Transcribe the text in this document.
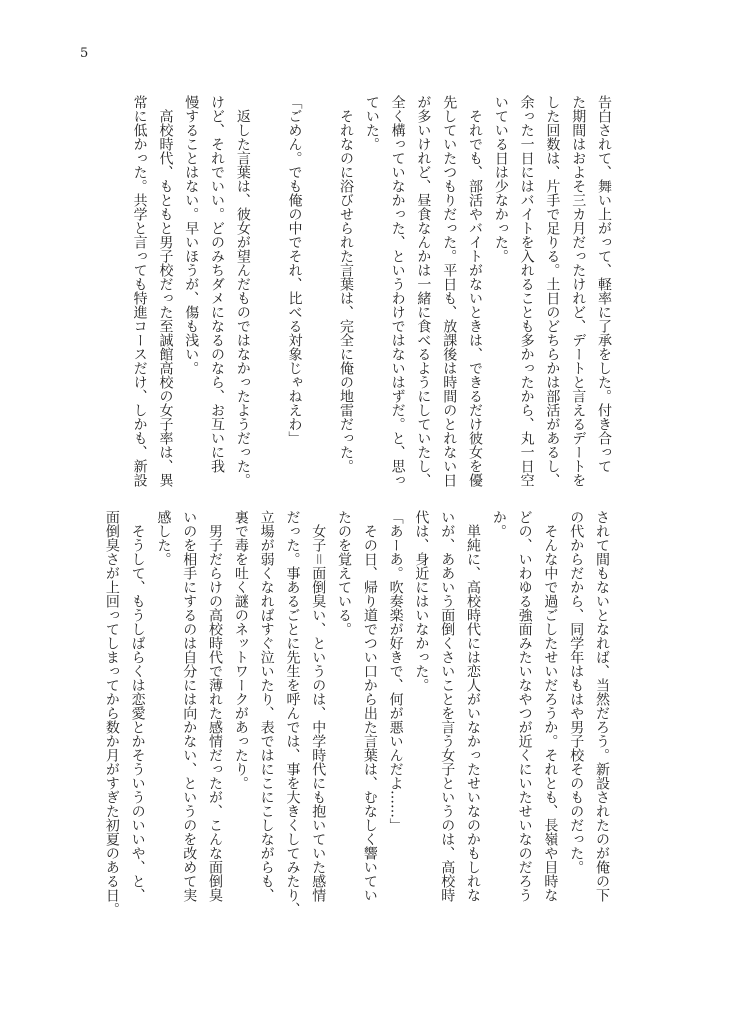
5
告白されて、舞い上がって、軽率に了承をした。付き合って
た期間はおよそ三カ月だったけれど、デートと言えるデートを
した回数は、片手で足りる。土日のどちらかは部活があるし、
余った一日にはバイトを入れることも多かったから、丸一日空
いている日は少なかった。
　それでも、部活やバイトがないときは、できるだけ彼女を優
先していたつもりだった。平日も、放課後は時間のとれない日
が多いけれど、昼食なんかは一緒に食べるようにしていたし、
全く構っていなかった、というわけではないはずだ。と、思っ
ていた。
　それなのに浴びせられた言葉は、完全に俺の地雷だった。
「ごめん。でも俺の中でそれ、比べる対象じゃねえわ」
　返した言葉は、彼女が望んだものではなかったようだった。
けど、それでいい。どのみちダメになるのなら、お互いに我
慢することはない。早いほうが、傷も浅い。
　高校時代、もともと男子校だった至誠館高校の女子率は、異
常に低かった。共学と言っても特進コースだけ、しかも、新設
されて間もないとなれば、当然だろう。新設されたのが俺の下
の代からだから、同学年はもはや男子校そのものだった。
　そんな中で過ごしたせいだろうか。それとも、長嶺や目時な
どの、いわゆる強面みたいなやつが近くにいたせいなのだろう
か。
　単純に、高校時代には恋人がいなかったせいなのかもしれな
いが、ああいう面倒くさいことを言う女子というのは、高校時
代は、身近にはいなかった。
「あーあ。吹奏楽が好きで、何が悪いんだよ……」
　その日、帰り道でつい口から出た言葉は、むなしく響いてい
たのを覚えている。
　女子＝面倒臭い、というのは、中学時代にも抱いていた感情
だった。事あるごとに先生を呼んでは、事を大きくしてみたり、
立場が弱くなればすぐ泣いたり、表ではにこにこしながらも、
裏で毒を吐く謎のネットワークがあったり。
　男子だらけの高校時代で薄れた感情だったが、こんな面倒臭
いのを相手にするのは自分には向かない、というのを改めて実
感した。
　そうして、もうしばらくは恋愛とかそういうのいいや、と、
面倒臭さが上回ってしまってから数か月がすぎた初夏のある日。
